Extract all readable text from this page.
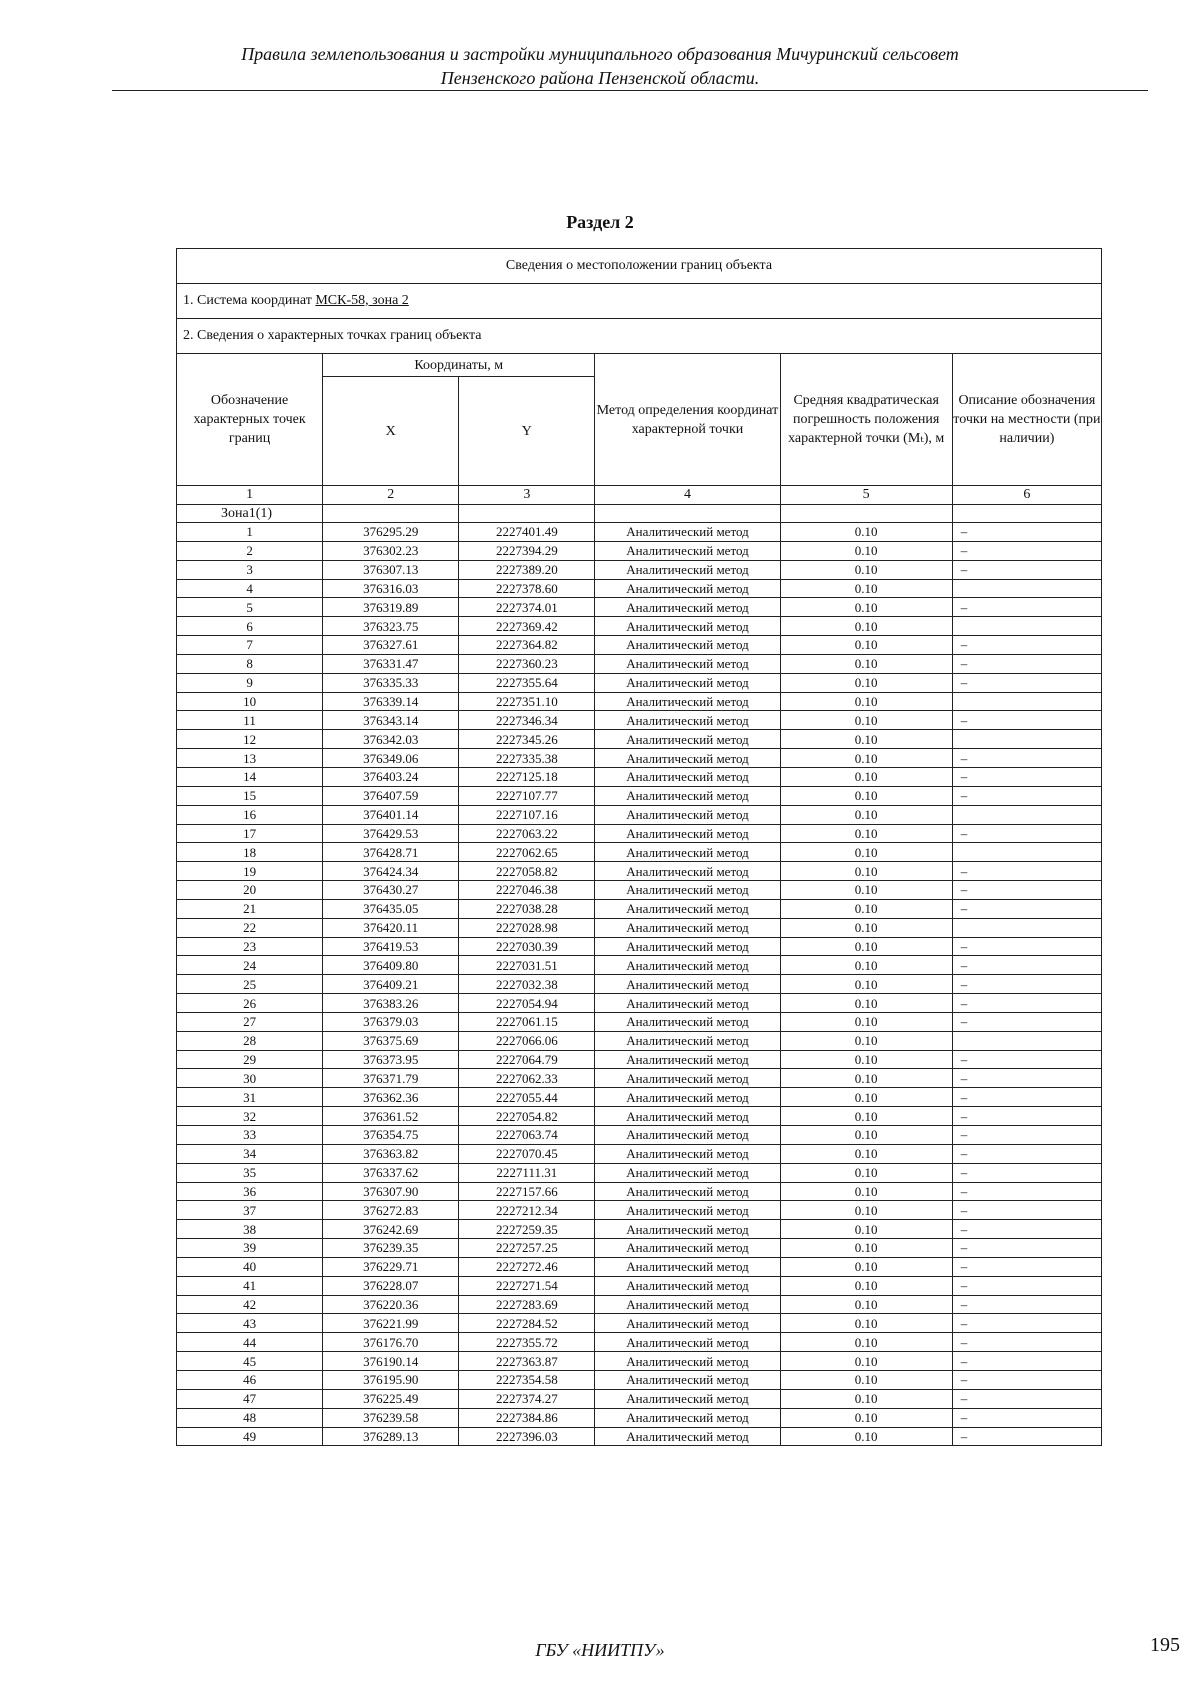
Правила землепользования и застройки муниципального образования Мичуринский сельсовет
Пензенского района Пензенской области.
Раздел 2
Сведения о местоположении границ объекта					
1. Система координат МСК-58, зона 2					
2. Сведения о характерных точках границ объекта					
Обозначение характерных точек границ	Координаты, м		Метод определения координат характерной точки	Средняя квадратическая погрешность положения характерной точки (Mₜ), м	Описание обозначения точки на местности (при наличии)
	X	Y			
1	2	3	4	5	6
Зона1(1)					
1	376295.29	2227401.49	Аналитический метод	0.10	–
2	376302.23	2227394.29	Аналитический метод	0.10	–
3	376307.13	2227389.20	Аналитический метод	0.10	–
4	376316.03	2227378.60	Аналитический метод	0.10	
5	376319.89	2227374.01	Аналитический метод	0.10	–
6	376323.75	2227369.42	Аналитический метод	0.10	
7	376327.61	2227364.82	Аналитический метод	0.10	–
8	376331.47	2227360.23	Аналитический метод	0.10	–
9	376335.33	2227355.64	Аналитический метод	0.10	–
10	376339.14	2227351.10	Аналитический метод	0.10	
11	376343.14	2227346.34	Аналитический метод	0.10	–
12	376342.03	2227345.26	Аналитический метод	0.10	
13	376349.06	2227335.38	Аналитический метод	0.10	–
14	376403.24	2227125.18	Аналитический метод	0.10	–
15	376407.59	2227107.77	Аналитический метод	0.10	–
16	376401.14	2227107.16	Аналитический метод	0.10	
17	376429.53	2227063.22	Аналитический метод	0.10	–
18	376428.71	2227062.65	Аналитический метод	0.10	
19	376424.34	2227058.82	Аналитический метод	0.10	–
20	376430.27	2227046.38	Аналитический метод	0.10	–
21	376435.05	2227038.28	Аналитический метод	0.10	–
22	376420.11	2227028.98	Аналитический метод	0.10	
23	376419.53	2227030.39	Аналитический метод	0.10	–
24	376409.80	2227031.51	Аналитический метод	0.10	–
25	376409.21	2227032.38	Аналитический метод	0.10	–
26	376383.26	2227054.94	Аналитический метод	0.10	–
27	376379.03	2227061.15	Аналитический метод	0.10	–
28	376375.69	2227066.06	Аналитический метод	0.10	
29	376373.95	2227064.79	Аналитический метод	0.10	–
30	376371.79	2227062.33	Аналитический метод	0.10	–
31	376362.36	2227055.44	Аналитический метод	0.10	–
32	376361.52	2227054.82	Аналитический метод	0.10	–
33	376354.75	2227063.74	Аналитический метод	0.10	–
34	376363.82	2227070.45	Аналитический метод	0.10	–
35	376337.62	2227111.31	Аналитический метод	0.10	–
36	376307.90	2227157.66	Аналитический метод	0.10	–
37	376272.83	2227212.34	Аналитический метод	0.10	–
38	376242.69	2227259.35	Аналитический метод	0.10	–
39	376239.35	2227257.25	Аналитический метод	0.10	–
40	376229.71	2227272.46	Аналитический метод	0.10	–
41	376228.07	2227271.54	Аналитический метод	0.10	–
42	376220.36	2227283.69	Аналитический метод	0.10	–
43	376221.99	2227284.52	Аналитический метод	0.10	–
44	376176.70	2227355.72	Аналитический метод	0.10	–
45	376190.14	2227363.87	Аналитический метод	0.10	–
46	376195.90	2227354.58	Аналитический метод	0.10	–
47	376225.49	2227374.27	Аналитический метод	0.10	–
48	376239.58	2227384.86	Аналитический метод	0.10	–
49	376289.13	2227396.03	Аналитический метод	0.10	–
ГБУ «НИИТПУ»	195
